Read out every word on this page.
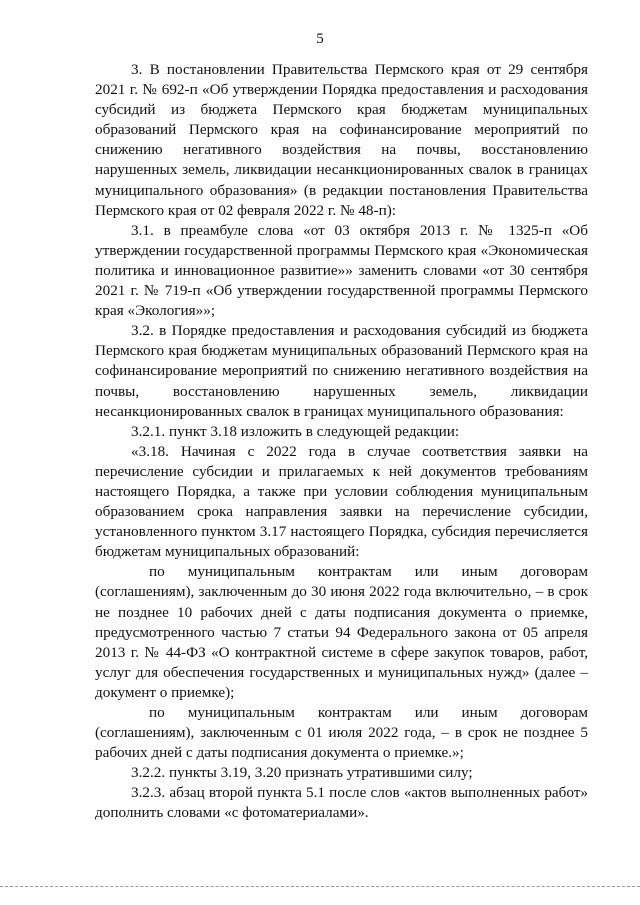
5

3. В постановлении Правительства Пермского края от 29 сентября 2021 г. № 692-п «Об утверждении Порядка предоставления и расходования субсидий из бюджета Пермского края бюджетам муниципальных образований Пермского края на софинансирование мероприятий по снижению негативного воздействия на почвы, восстановлению нарушенных земель, ликвидации несанкционированных свалок в границах муниципального образования» (в редакции постановления Правительства Пермского края от 02 февраля 2022 г. № 48-п):

3.1. в преамбуле слова «от 03 октября 2013 г. № 1325-п «Об утверждении государственной программы Пермского края «Экономическая политика и инновационное развитие»» заменить словами «от 30 сентября 2021 г. № 719-п «Об утверждении государственной программы Пермского края «Экология»»;

3.2. в Порядке предоставления и расходования субсидий из бюджета Пермского края бюджетам муниципальных образований Пермского края на софинансирование мероприятий по снижению негативного воздействия на почвы, восстановлению нарушенных земель, ликвидации несанкционированных свалок в границах муниципального образования:

3.2.1. пункт 3.18 изложить в следующей редакции:

«3.18. Начиная с 2022 года в случае соответствия заявки на перечисление субсидии и прилагаемых к ней документов требованиям настоящего Порядка, а также при условии соблюдения муниципальным образованием срока направления заявки на перечисление субсидии, установленного пунктом 3.17 настоящего Порядка, субсидия перечисляется бюджетам муниципальных образований:

по муниципальным контрактам или иным договорам (соглашениям), заключенным до 30 июня 2022 года включительно, – в срок не позднее 10 рабочих дней с даты подписания документа о приемке, предусмотренного частью 7 статьи 94 Федерального закона от 05 апреля 2013 г. № 44-ФЗ «О контрактной системе в сфере закупок товаров, работ, услуг для обеспечения государственных и муниципальных нужд» (далее – документ о приемке);

по муниципальным контрактам или иным договорам (соглашениям), заключенным с 01 июля 2022 года, – в срок не позднее 5 рабочих дней с даты подписания документа о приемке.»;

3.2.2. пункты 3.19, 3.20 признать утратившими силу;

3.2.3. абзац второй пункта 5.1 после слов «актов выполненных работ» дополнить словами «с фотоматериалами».
